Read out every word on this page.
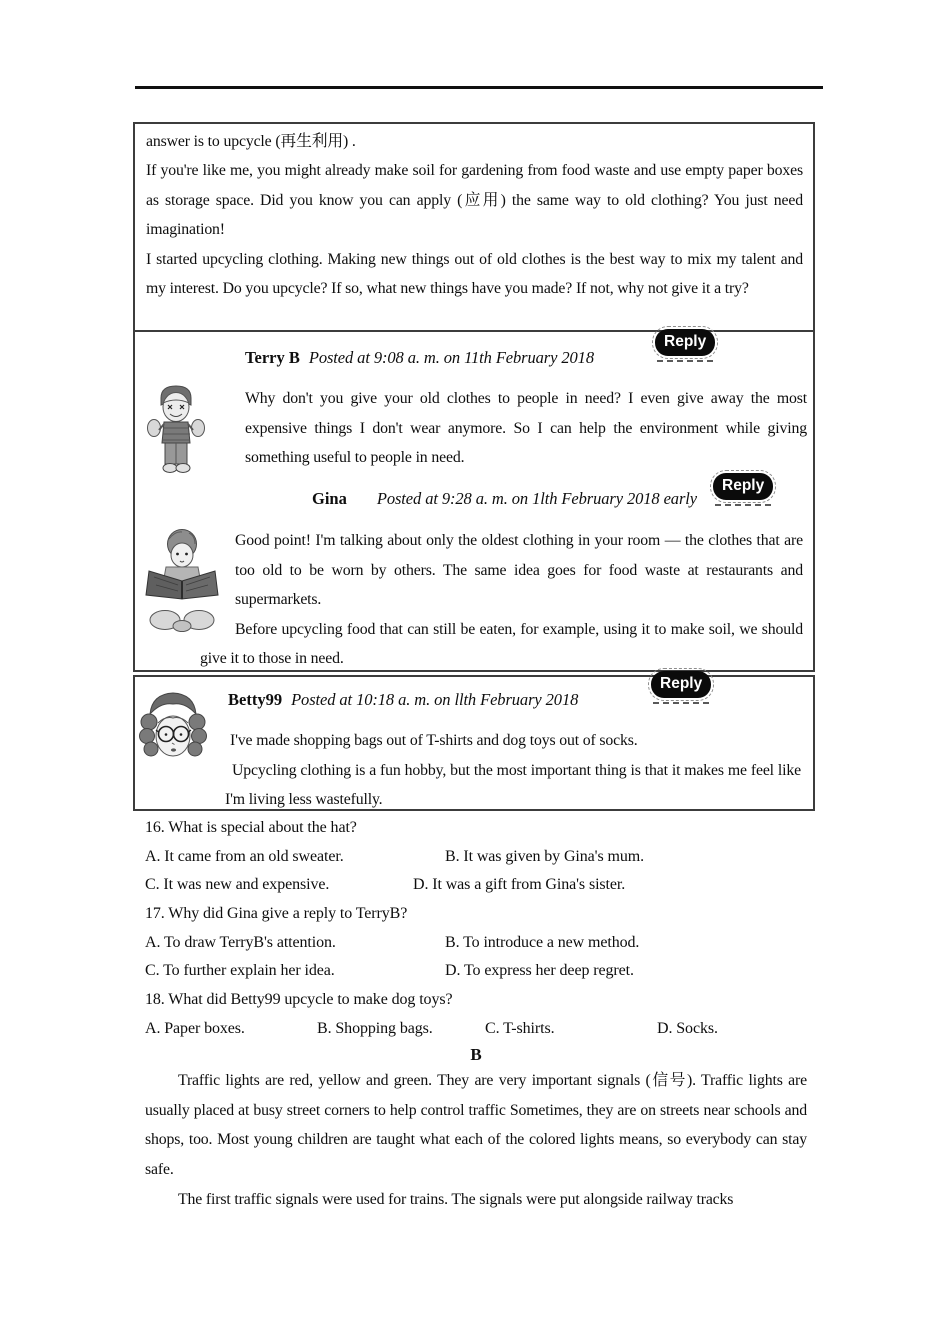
answer is to upcycle (再生利用) .

If you're like me, you might already make soil for gardening from food waste and use empty paper boxes as storage space. Did you know you can apply (应用) the same way to old clothing? You just need imagination!

I started upcycling clothing. Making new things out of old clothes is the best way to mix my talent and my interest. Do you upcycle? If so, what new things have you made? If not, why not give it a try?

Reply
Terry B Posted at 9:08 a. m. on 11th February 2018

Why don't you give your old clothes to people in need? I even give away the most expensive things I don't wear anymore. So I can help the environment while giving something useful to people in need.

Reply
Gina Posted at 9:28 a. m. on 1lth February 2018 early

Good point! I'm talking about only the oldest clothing in your room — the clothes that are too old to be worn by others. The same idea goes for food waste at restaurants and supermarkets.

Before upcycling food that can still be eaten, for example, using it to make soil, we should give it to those in need.

Reply
Betty99 Posted at 10:18 a. m. on llth February 2018

I've made shopping bags out of T-shirts and dog toys out of socks.

Upcycling clothing is a fun hobby, but the most important thing is that it makes me feel like I'm living less wastefully.

16. What is special about the hat?
A. It came from an old sweater.	B. It was given by Gina's mum.
C. It was new and expensive.	D. It was a gift from Gina's sister.
17. Why did Gina give a reply to TerryB?
A. To draw TerryB's attention.	B. To introduce a new method.
C. To further explain her idea.	D. To express her deep regret.
18. What did Betty99 upcycle to make dog toys?
A. Paper boxes.	B. Shopping bags.	C. T-shirts.	D. Socks.
B

Traffic lights are red, yellow and green. They are very important signals (信号). Traffic lights are usually placed at busy street corners to help control traffic Sometimes, they are on streets near schools and shops, too. Most young children are taught what each of the colored lights means, so everybody can stay safe.

The first traffic signals were used for trains. The signals were put alongside railway tracks
